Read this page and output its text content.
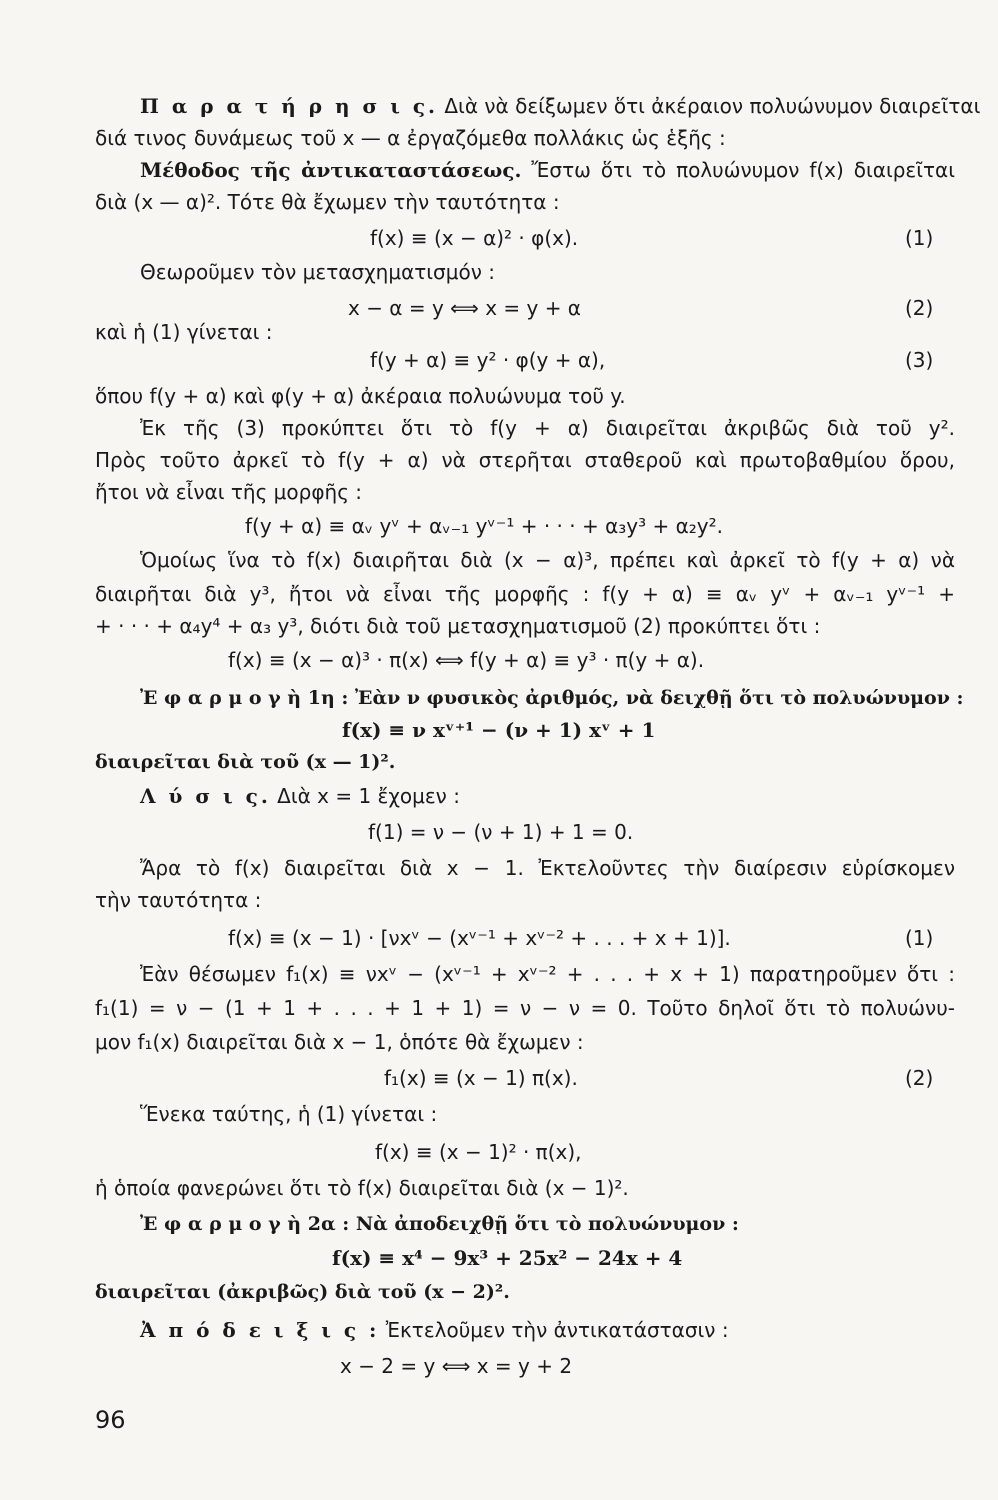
Π α ρ α τ ή ρ η σ ι ς. Διὰ νὰ δείξωμεν ὅτι ἀκέραιον πολυώνυμον διαιρεῖται
διά τινος δυνάμεως τοῦ x — α ἐργαζόμεθα πολλάκις ὡς ἑξῆς :
Μέθοδος τῆς ἀντικαταστάσεως. Ἔστω ὅτι τὸ πολυώνυμον f(x) διαιρεῖται
διὰ (x — α)². Τότε θὰ ἔχωμεν τὴν ταυτότητα :
f(x) ≡ (x − α)² · φ(x).	(1)
Θεωροῦμεν τὸν μετασχηματισμόν :
x − α = y ⟺ x = y + α	(2)
καὶ ἡ (1) γίνεται :
f(y + α) ≡ y² · φ(y + α),	(3)
ὅπου f(y + α) καὶ φ(y + α) ἀκέραια πολυώνυμα τοῦ y.
Ἐκ τῆς (3) προκύπτει ὅτι τὸ f(y + α) διαιρεῖται ἀκριβῶς διὰ τοῦ y².
Πρὸς τοῦτο ἀρκεῖ τὸ f(y + α) νὰ στερῆται σταθεροῦ καὶ πρωτοβαθμίου ὅρου,
ἤτοι νὰ εἶναι τῆς μορφῆς :
f(y + α) ≡ αᵥ yᵛ + αᵥ₋₁ yᵛ⁻¹ + · · · + α₃y³ + α₂y².
Ὁμοίως ἵνα τὸ f(x) διαιρῆται διὰ (x − α)³, πρέπει καὶ ἀρκεῖ τὸ f(y + α) νὰ
διαιρῆται διὰ y³, ἤτοι νὰ εἶναι τῆς μορφῆς : f(y + α) ≡ αᵥ yᵛ + αᵥ₋₁ yᵛ⁻¹ +
+ · · · + α₄y⁴ + α₃ y³, διότι διὰ τοῦ μετασχηματισμοῦ (2) προκύπτει ὅτι :
f(x) ≡ (x − α)³ · π(x) ⟺ f(y + α) ≡ y³ · π(y + α).
Ἐ φ α ρ μ ο γ ὴ 1η : Ἐὰν ν φυσικὸς ἀριθμός, νὰ δειχθῇ ὅτι τὸ πολυώνυμον :
f(x) ≡ ν xᵛ⁺¹ − (ν + 1) xᵛ + 1
διαιρεῖται διὰ τοῦ (x — 1)².
Λ ύ σ ι ς. Διὰ x = 1 ἔχομεν :
f(1) = ν − (ν + 1) + 1 = 0.
Ἄρα τὸ f(x) διαιρεῖται διὰ x − 1. Ἐκτελοῦντες τὴν διαίρεσιν εὑρίσκομεν
τὴν ταυτότητα :
f(x) ≡ (x − 1) · [νxᵛ − (xᵛ⁻¹ + xᵛ⁻² + . . . + x + 1)].	(1)
Ἐὰν θέσωμεν f₁(x) ≡ νxᵛ − (xᵛ⁻¹ + xᵛ⁻² + . . . + x + 1) παρατηροῦμεν ὅτι :
f₁(1) = ν − (1 + 1 + . . . + 1 + 1) = ν − ν = 0. Τοῦτο δηλοῖ ὅτι τὸ πολυώνυ-
μον f₁(x) διαιρεῖται διὰ x − 1, ὁπότε θὰ ἔχωμεν :
f₁(x) ≡ (x − 1) π(x).	(2)
Ἕνεκα ταύτης, ἡ (1) γίνεται :
f(x) ≡ (x − 1)² · π(x),
ἡ ὁποία φανερώνει ὅτι τὸ f(x) διαιρεῖται διὰ (x − 1)².
Ἐ φ α ρ μ ο γ ὴ 2α : Νὰ ἀποδειχθῇ ὅτι τὸ πολυώνυμον :
f(x) ≡ x⁴ − 9x³ + 25x² − 24x + 4
διαιρεῖται (ἀκριβῶς) διὰ τοῦ (x − 2)².
Ἀ π ό δ ε ι ξ ι ς : Ἐκτελοῦμεν τὴν ἀντικατάστασιν :
x − 2 = y ⟺ x = y + 2
96
